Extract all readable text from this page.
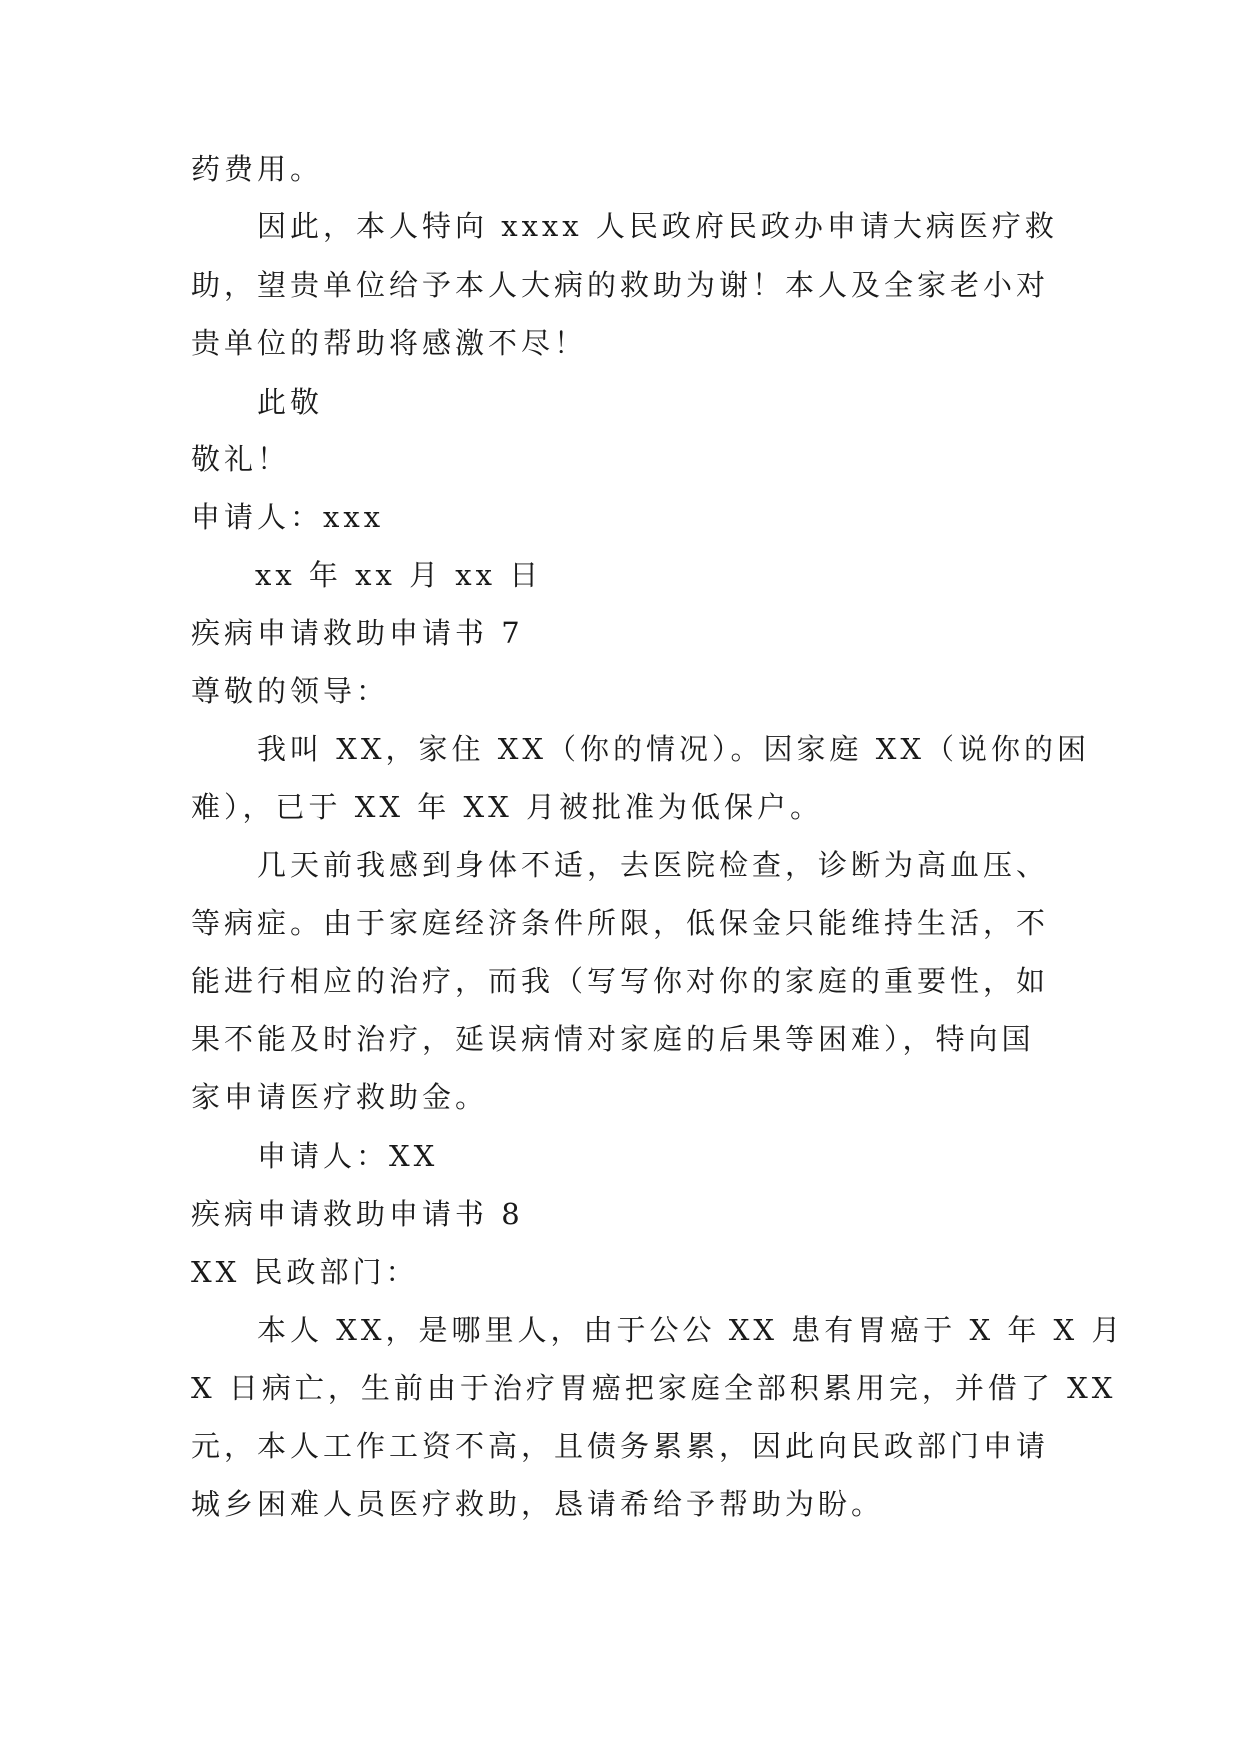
药费用。
因此，本人特向 xxxx 人民政府民政办申请大病医疗救
助，望贵单位给予本人大病的救助为谢！本人及全家老小对
贵单位的帮助将感激不尽！
此敬
敬礼！
申请人：xxx
xx 年 xx 月 xx 日
疾病申请救助申请书 7
尊敬的领导：
我叫 XX，家住 XX（你的情况）。因家庭 XX（说你的困
难），已于 XX 年 XX 月被批准为低保户。
几天前我感到身体不适，去医院检查，诊断为高血压、
等病症。由于家庭经济条件所限，低保金只能维持生活，不
能进行相应的治疗，而我（写写你对你的家庭的重要性，如
果不能及时治疗，延误病情对家庭的后果等困难），特向国
家申请医疗救助金。
申请人：XX
疾病申请救助申请书 8
XX 民政部门：
本人 XX，是哪里人，由于公公 XX 患有胃癌于 X 年 X 月
X 日病亡，生前由于治疗胃癌把家庭全部积累用完，并借了 XX
元，本人工作工资不高，且债务累累，因此向民政部门申请
城乡困难人员医疗救助，恳请希给予帮助为盼。
